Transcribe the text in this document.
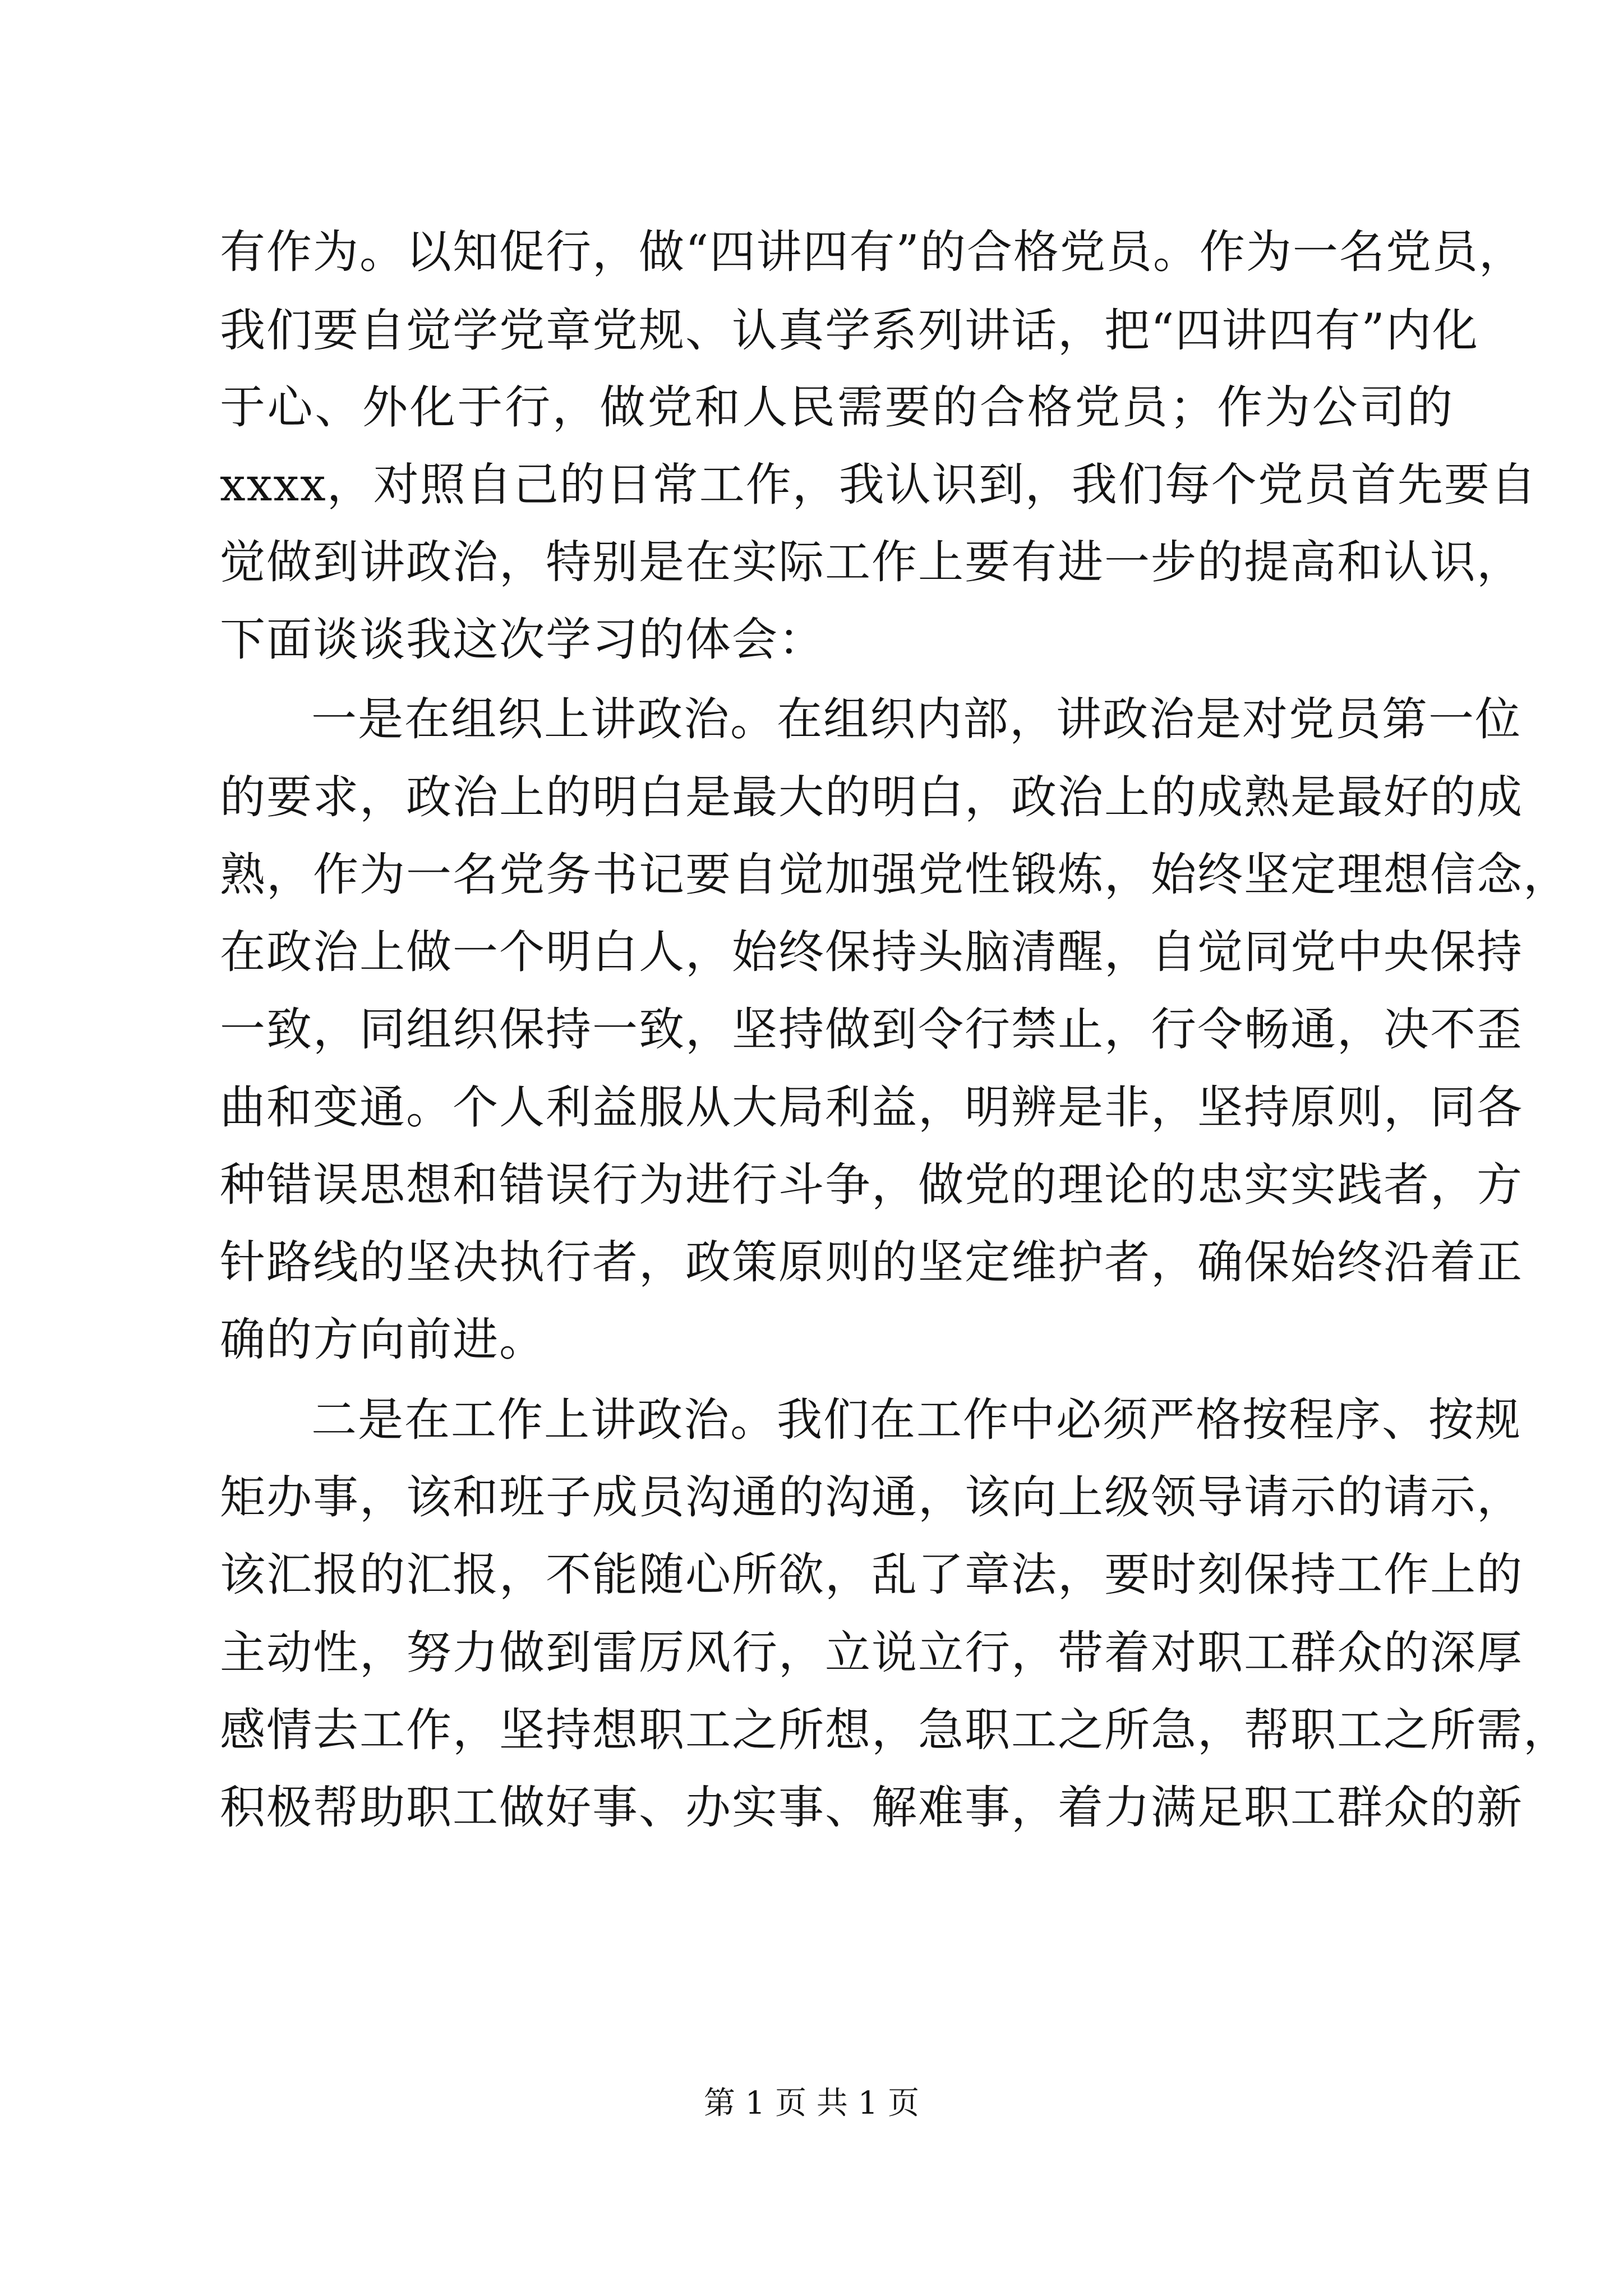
有作为。以知促行，做“四讲四有”的合格党员。作为一名党员，
我们要自觉学党章党规、认真学系列讲话，把“四讲四有”内化
于心、外化于行，做党和人民需要的合格党员；作为公司的
xxxx，对照自己的日常工作，我认识到，我们每个党员首先要自
觉做到讲政治，特别是在实际工作上要有进一步的提高和认识，
下面谈谈我这次学习的体会：
一是在组织上讲政治。在组织内部，讲政治是对党员第一位
的要求，政治上的明白是最大的明白，政治上的成熟是最好的成
熟，作为一名党务书记要自觉加强党性锻炼，始终坚定理想信念，
在政治上做一个明白人，始终保持头脑清醒，自觉同党中央保持
一致，同组织保持一致，坚持做到令行禁止，行令畅通，决不歪
曲和变通。个人利益服从大局利益，明辨是非，坚持原则，同各
种错误思想和错误行为进行斗争，做党的理论的忠实实践者，方
针路线的坚决执行者，政策原则的坚定维护者，确保始终沿着正
确的方向前进。
二是在工作上讲政治。我们在工作中必须严格按程序、按规
矩办事，该和班子成员沟通的沟通，该向上级领导请示的请示，
该汇报的汇报，不能随心所欲，乱了章法，要时刻保持工作上的
主动性，努力做到雷厉风行，立说立行，带着对职工群众的深厚
感情去工作，坚持想职工之所想，急职工之所急，帮职工之所需，
积极帮助职工做好事、办实事、解难事，着力满足职工群众的新
第 1 页 共 1 页
